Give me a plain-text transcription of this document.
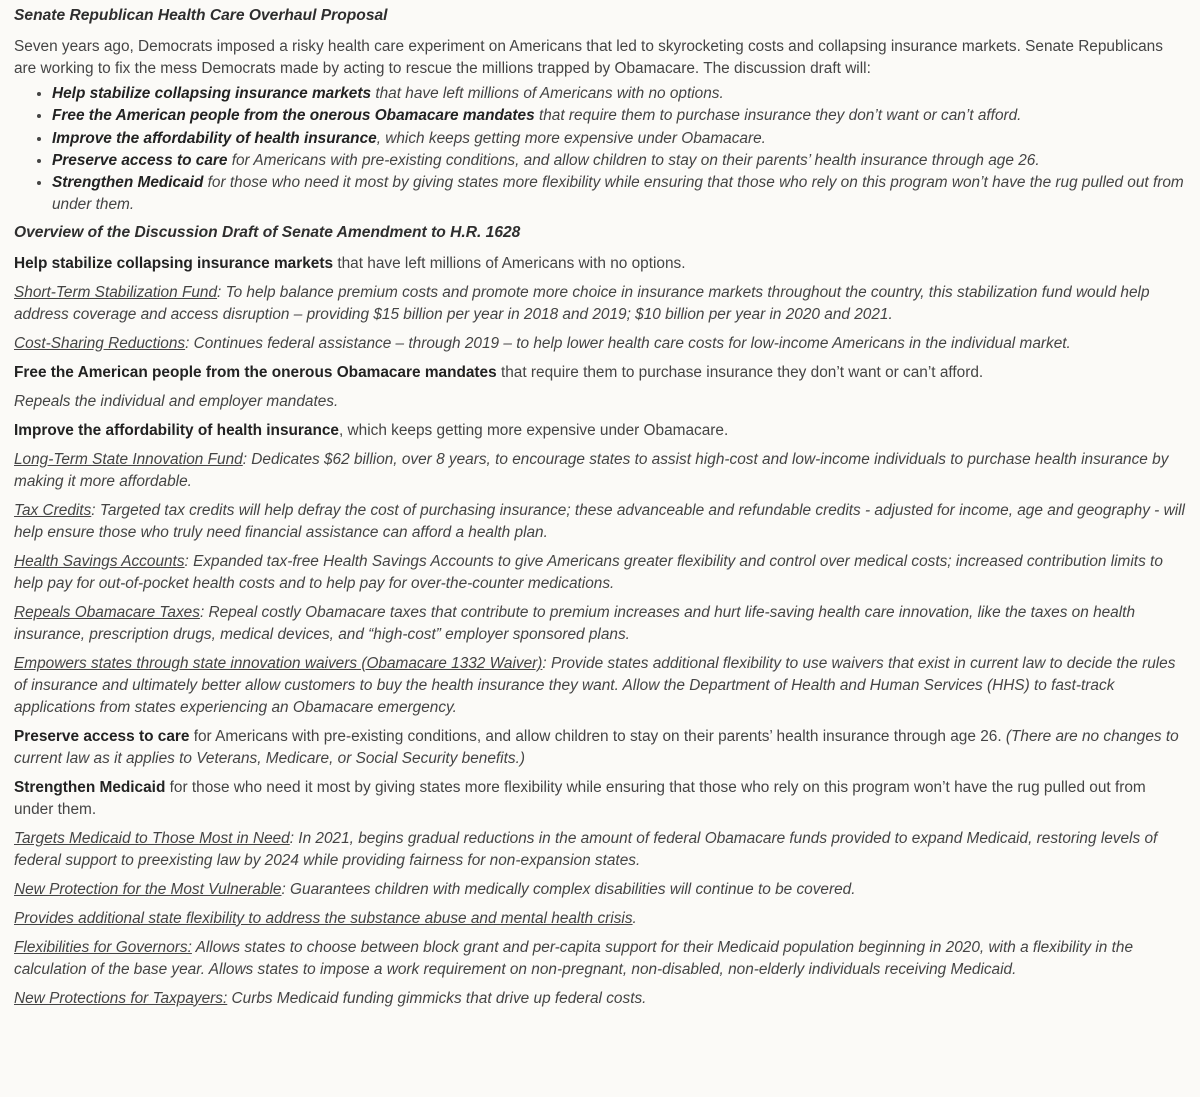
Senate Republican Health Care Overhaul Proposal
Seven years ago, Democrats imposed a risky health care experiment on Americans that led to skyrocketing costs and collapsing insurance markets. Senate Republicans are working to fix the mess Democrats made by acting to rescue the millions trapped by Obamacare. The discussion draft will:
• Help stabilize collapsing insurance markets that have left millions of Americans with no options.
• Free the American people from the onerous Obamacare mandates that require them to purchase insurance they don’t want or can’t afford.
• Improve the affordability of health insurance, which keeps getting more expensive under Obamacare.
• Preserve access to care for Americans with pre-existing conditions, and allow children to stay on their parents’ health insurance through age 26.
• Strengthen Medicaid for those who need it most by giving states more flexibility while ensuring that those who rely on this program won’t have the rug pulled out from under them.
Overview of the Discussion Draft of Senate Amendment to H.R. 1628
Help stabilize collapsing insurance markets that have left millions of Americans with no options.
Short-Term Stabilization Fund: To help balance premium costs and promote more choice in insurance markets throughout the country, this stabilization fund would help address coverage and access disruption – providing $15 billion per year in 2018 and 2019; $10 billion per year in 2020 and 2021.
Cost-Sharing Reductions: Continues federal assistance – through 2019 – to help lower health care costs for low-income Americans in the individual market.
Free the American people from the onerous Obamacare mandates that require them to purchase insurance they don’t want or can’t afford.
Repeals the individual and employer mandates.
Improve the affordability of health insurance, which keeps getting more expensive under Obamacare.
Long-Term State Innovation Fund: Dedicates $62 billion, over 8 years, to encourage states to assist high-cost and low-income individuals to purchase health insurance by making it more affordable.
Tax Credits: Targeted tax credits will help defray the cost of purchasing insurance; these advanceable and refundable credits - adjusted for income, age and geography - will help ensure those who truly need financial assistance can afford a health plan.
Health Savings Accounts: Expanded tax-free Health Savings Accounts to give Americans greater flexibility and control over medical costs; increased contribution limits to help pay for out-of-pocket health costs and to help pay for over-the-counter medications.
Repeals Obamacare Taxes: Repeal costly Obamacare taxes that contribute to premium increases and hurt life-saving health care innovation, like the taxes on health insurance, prescription drugs, medical devices, and “high-cost” employer sponsored plans.
Empowers states through state innovation waivers (Obamacare 1332 Waiver): Provide states additional flexibility to use waivers that exist in current law to decide the rules of insurance and ultimately better allow customers to buy the health insurance they want. Allow the Department of Health and Human Services (HHS) to fast-track applications from states experiencing an Obamacare emergency.
Preserve access to care for Americans with pre-existing conditions, and allow children to stay on their parents’ health insurance through age 26. (There are no changes to current law as it applies to Veterans, Medicare, or Social Security benefits.)
Strengthen Medicaid for those who need it most by giving states more flexibility while ensuring that those who rely on this program won’t have the rug pulled out from under them.
Targets Medicaid to Those Most in Need: In 2021, begins gradual reductions in the amount of federal Obamacare funds provided to expand Medicaid, restoring levels of federal support to preexisting law by 2024 while providing fairness for non-expansion states.
New Protection for the Most Vulnerable: Guarantees children with medically complex disabilities will continue to be covered.
Provides additional state flexibility to address the substance abuse and mental health crisis.
Flexibilities for Governors: Allows states to choose between block grant and per-capita support for their Medicaid population beginning in 2020, with a flexibility in the calculation of the base year. Allows states to impose a work requirement on non-pregnant, non-disabled, non-elderly individuals receiving Medicaid.
New Protections for Taxpayers: Curbs Medicaid funding gimmicks that drive up federal costs.
